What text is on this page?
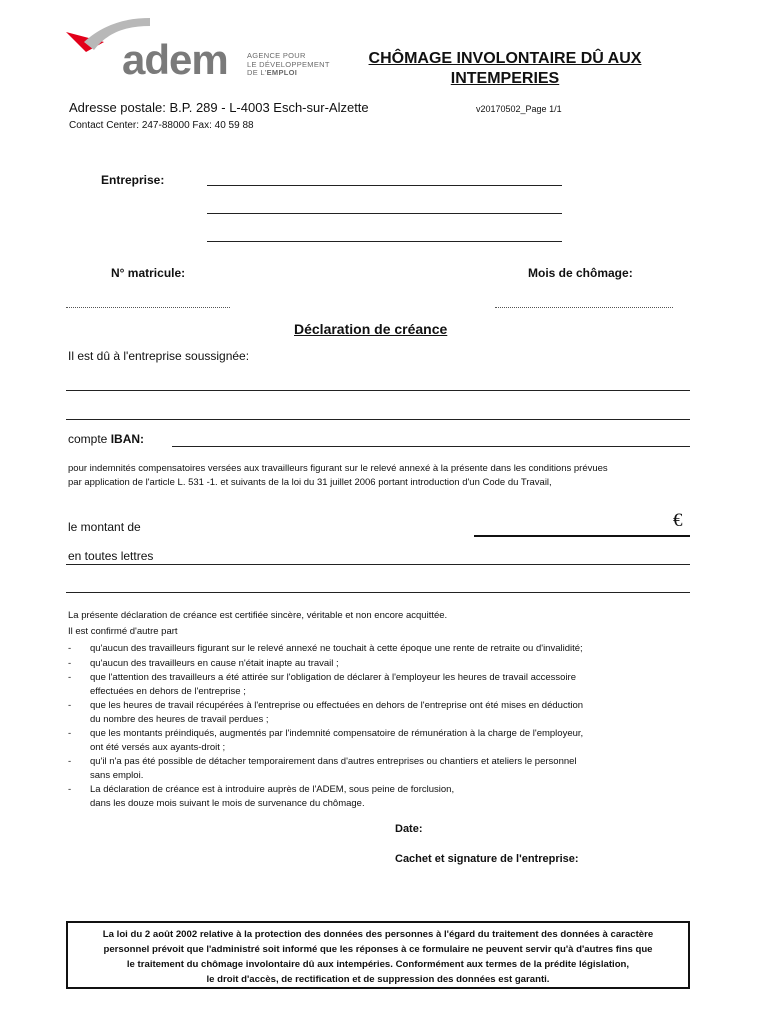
adem	AGENCE POUR
LE DÉVELOPPEMENT
DE L'EMPLOI
CHÔMAGE INVOLONTAIRE DÛ AUX
INTEMPERIES
Adresse postale: B.P. 289 - L-4003 Esch-sur-Alzette	v20170502_Page 1/1
Contact Center: 247-88000 Fax: 40 59 88
Entreprise:
N° matricule:	Mois de chômage:
Déclaration de créance
Il est dû à l'entreprise soussignée:
compte IBAN:
pour indemnités compensatoires versées aux travailleurs figurant sur le relevé annexé à la présente dans les conditions prévues
par application de l'article L. 531 -1. et suivants de la loi du 31 juillet 2006 portant introduction d'un Code du Travail,
le montant de	€
en toutes lettres
La présente déclaration de créance est certifiée sincère, véritable et non encore acquittée.
Il est confirmé d'autre part
- qu'aucun des travailleurs figurant sur le relevé annexé ne touchait à cette époque une rente de retraite ou d'invalidité;
- qu'aucun des travailleurs en cause n'était inapte au travail ;
- que l'attention des travailleurs a été attirée sur l'obligation de déclarer à l'employeur les heures de travail accessoire
effectuées en dehors de l'entreprise ;
- que les heures de travail récupérées à l'entreprise ou effectuées en dehors de l'entreprise ont été mises en déduction
du nombre des heures de travail perdues ;
- que les montants préindiqués, augmentés par l'indemnité compensatoire de rémunération à la charge de l'employeur,
ont été versés aux ayants-droit ;
- qu'il n'a pas été possible de détacher temporairement dans d'autres entreprises ou chantiers et ateliers le personnel
sans emploi.
- La déclaration de créance est à introduire auprès de l'ADEM, sous peine de forclusion,
dans les douze mois suivant le mois de survenance du chômage.
Date:
Cachet et signature de l'entreprise:
La loi du 2 août 2002 relative à la protection des données des personnes à l'égard du traitement des données à caractère
personnel prévoit que l'administré soit informé que les réponses à ce formulaire ne peuvent servir qu'à d'autres fins que
le traitement du chômage involontaire dû aux intempéries. Conformément aux termes de la prédite législation,
le droit d'accès, de rectification et de suppression des données est garanti.
